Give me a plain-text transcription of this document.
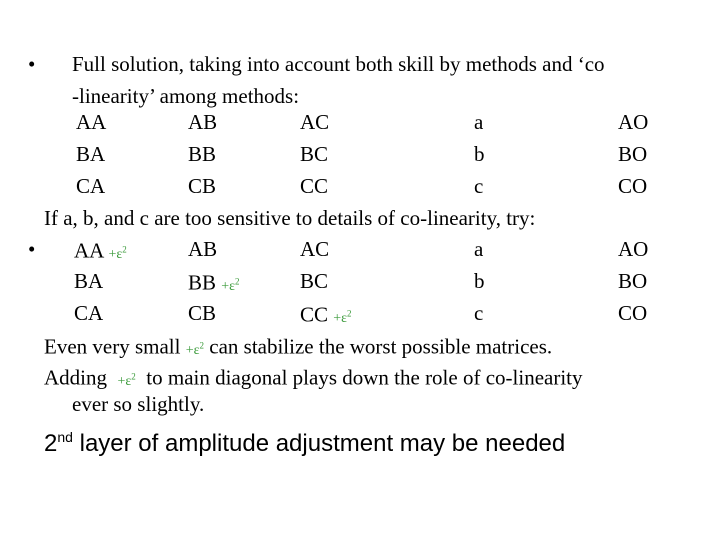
• Full solution, taking into account both skill by methods and ‘co
-linearity’ among methods:
AA	AB	AC	a	AO
BA	BB	BC	b	BO
CA	CB	CC	c	CO
If a, b, and c are too sensitive to details of co-linearity, try:
• AA $+\varepsilon^2$	AB	AC	a	AO
BA	BB $+\varepsilon^2$	BC	b	BO
CA	CB	CC $+\varepsilon^2$	c	CO
Even very small $+\varepsilon^2$ can stabilize the worst possible matrices.
Adding $+\varepsilon^2$ to main diagonal plays down the role of co-linearity
ever so slightly.
2nd layer of amplitude adjustment may be needed
